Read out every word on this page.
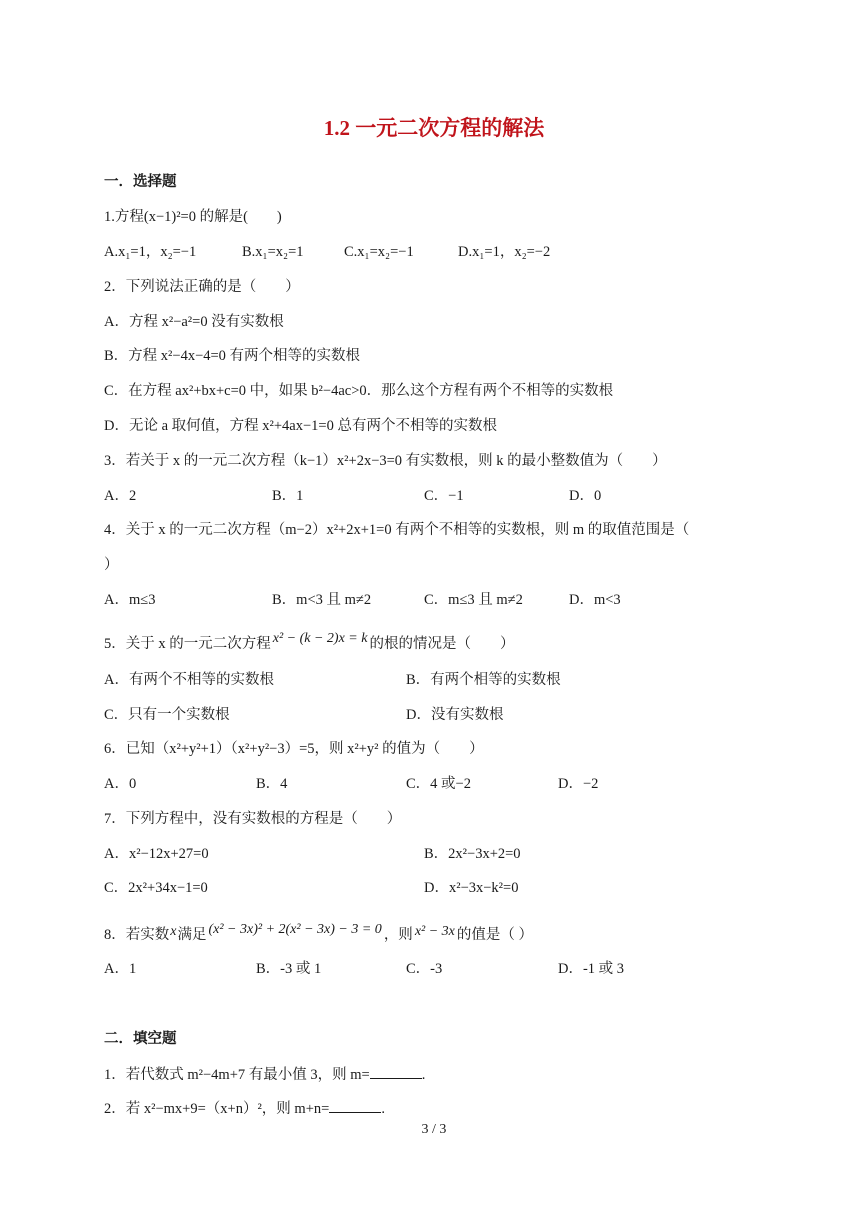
1.2 一元二次方程的解法
一．选择题
1.方程(x−1)²=0 的解是(　　)
A.x₁=1，x₂=−1	B.x₁=x₂=1	C.x₁=x₂=−1	D.x₁=1，x₂=−2
2．下列说法正确的是（　　）
A．方程 x²−a²=0 没有实数根
B．方程 x²−4x−4=0 有两个相等的实数根
C．在方程 ax²+bx+c=0 中，如果 b²−4ac>0．那么这个方程有两个不相等的实数根
D．无论 a 取何值，方程 x²+4ax−1=0 总有两个不相等的实数根
3．若关于 x 的一元二次方程（k−1）x²+2x−3=0 有实数根，则 k 的最小整数值为（　　）
A．2	B．1	C．−1	D．0
4．关于 x 的一元二次方程（m−2）x²+2x+1=0 有两个不相等的实数根，则 m 的取值范围是（
）
A．m≤3	B．m<3 且 m≠2	C．m≤3 且 m≠2	D．m<3
5．关于 x 的一元二次方程 x² − (k − 2)x = k 的根的情况是（　　）
A．有两个不相等的实数根	B．有两个相等的实数根
C．只有一个实数根	D．没有实数根
6．已知（x²+y²+1）（x²+y²−3）=5，则 x²+y² 的值为（　　）
A．0	B．4	C．4 或−2	D．−2
7．下列方程中，没有实数根的方程是（　　）
A．x²−12x+27=0	B．2x²−3x+2=0
C．2x²+34x−1=0	D．x²−3x−k²=0
8．若实数x满足 (x² − 3x)² + 2(x² − 3x) − 3 = 0 ，则 x² − 3x 的值是（ ）
A．1	B．-3 或 1	C．-3	D．-1 或 3
二．填空题
1．若代数式 m²−4m+7 有最小值 3，则 m=	.
2．若 x²−mx+9=（x+n）²，则 m+n=	.
3 / 3
